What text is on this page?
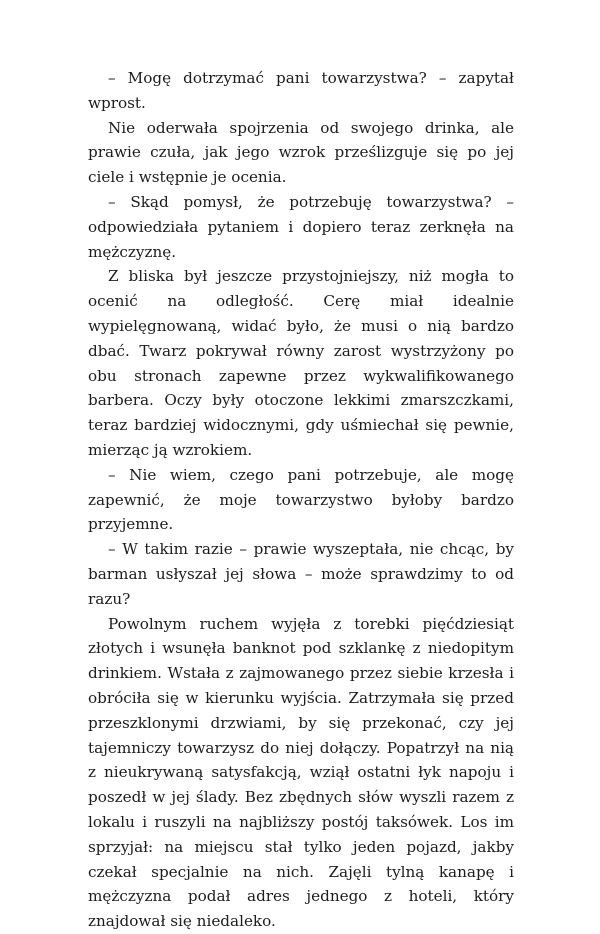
– Mogę dotrzymać pani towarzystwa? – zapytał wprost.

Nie oderwała spojrzenia od swojego drinka, ale prawie czuła, jak jego wzrok prześlizguje się po jej ciele i wstępnie je ocenia.

– Skąd pomysł, że potrzebuję towarzystwa? – odpowiedziała pytaniem i dopiero teraz zerknęła na mężczyznę.

Z bliska był jeszcze przystojniejszy, niż mogła to ocenić na odległość. Cerę miał idealnie wypielęgnowaną, widać było, że musi o nią bardzo dbać. Twarz pokrywał równy zarost wystrzyżony po obu stronach zapewne przez wykwalifikowanego barbera. Oczy były otoczone lekkimi zmarszczkami, teraz bardziej widocznymi, gdy uśmiechał się pewnie, mierząc ją wzrokiem.

– Nie wiem, czego pani potrzebuje, ale mogę zapewnić, że moje towarzystwo byłoby bardzo przyjemne.

– W takim razie – prawie wyszeptała, nie chcąc, by barman usłyszał jej słowa – może sprawdzimy to od razu?

Powolnym ruchem wyjęła z torebki pięćdziesiąt złotych i wsunęła banknot pod szklankę z niedopitym drinkiem. Wstała z zajmowanego przez siebie krzesła i obróciła się w kierunku wyjścia. Zatrzymała się przed przeszklonymi drzwiami, by się przekonać, czy jej tajemniczy towarzysz do niej dołączy. Popatrzył na nią z nieukrywaną satysfakcją, wziął ostatni łyk napoju i poszedł w jej ślady. Bez zbędnych słów wyszli razem z lokalu i ruszyli na najbliższy postój taksówek. Los im sprzyjał: na miejscu stał tylko jeden pojazd, jakby czekał specjalnie na nich. Zajęli tylną kanapę i mężczyzna podał adres jednego z hoteli, który znajdował się niedaleko.
